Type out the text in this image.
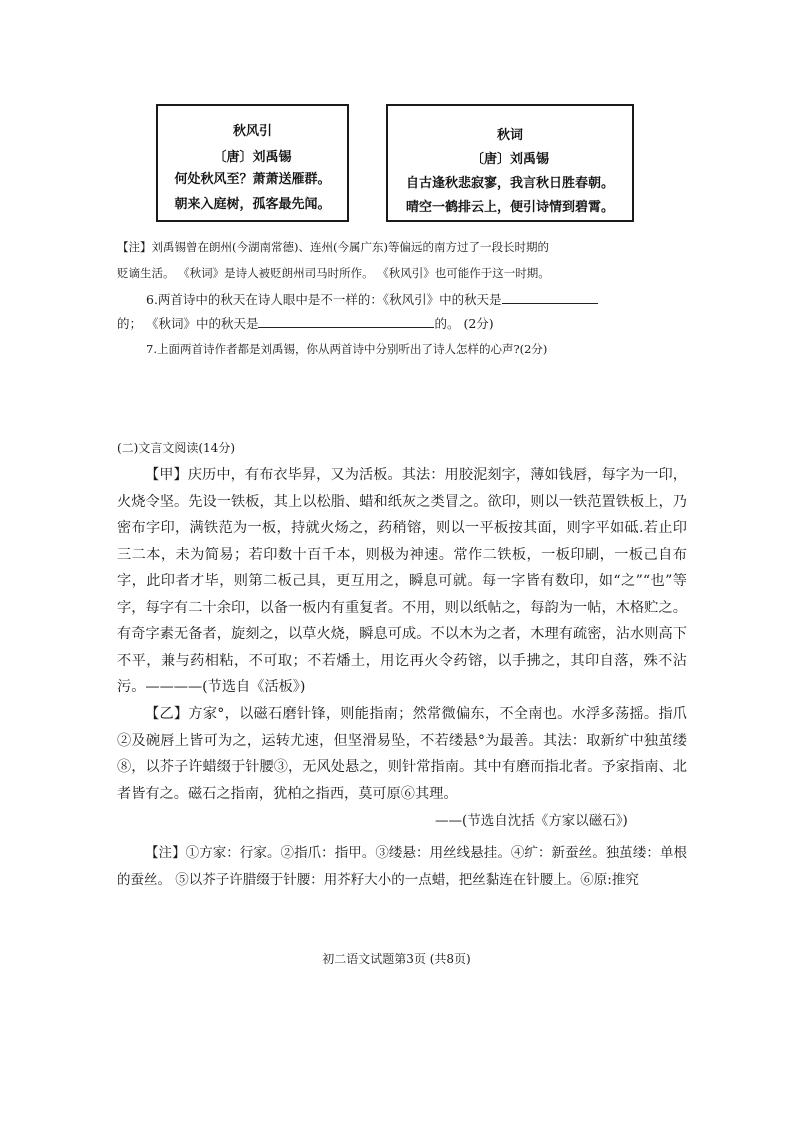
秋风引
〔唐〕刘禹锡
何处秋风至？萧萧送雁群。
朝来入庭树，孤客最先闻。
秋词
〔唐〕刘禹锡
自古逢秋悲寂寥，我言秋日胜春朝。
晴空一鹤排云上，便引诗情到碧霄。
【注】刘禹锡曾在朗州(今湖南常德)、连州(今属广东)等偏远的南方过了一段长时期的
贬谪生活。 《秋词》是诗人被贬朗州司马时所作。 《秋风引》也可能作于这一时期。
6.两首诗中的秋天在诗人眼中是不一样的：《秋风引》中的秋天是
的； 《秋词》中的秋天是	的。 (2分)
7.上面两首诗作者都是刘禹锡，你从两首诗中分别听出了诗人怎样的心声?(2分)
(二)文言文阅读(14分)

【甲】庆历中，有布衣毕昇，又为活板。其法：用胶泥刻字，薄如钱唇，每字为一印，火烧令坚。先设一铁板，其上以松脂、蜡和纸灰之类冒之。欲印，则以一铁范置铁板上，乃密布字印，满铁范为一板，持就火炀之，药稍镕，则以一平板按其面，则字平如砥.若止印三二本，未为简易；若印数十百千本，则极为神速。常作二铁板，一板印刷，一板己自布字，此印者才毕，则第二板己具，更互用之，瞬息可就。每一字皆有数印，如“之”“也”等字，每字有二十余印，以备一板内有重复者。不用，则以纸帖之，每韵为一帖，木格贮之。有奇字素无备者，旋刻之，以草火烧，瞬息可成。不以木为之者，木理有疏密，沾水则高下不平，兼与药相粘，不可取；不若燔土，用讫再火令药镕，以手拂之，其印自落，殊不沾污。————(节选自《活板》)

【乙】方家°，以磁石磨针锋，则能指南；然常微偏东，不全南也。水浮多荡摇。指爪②及碗唇上皆可为之，运转尤速，但坚滑易坠，不若缕悬°为最善。其法：取新纩中独茧缕⑧，以芥子许蜡缀于针腰③，无风处悬之，则针常指南。其中有磨而指北者。予家指南、北者皆有之。磁石之指南，犹柏之指西，莫可原⑥其理。

——(节选自沈括《方家以磁石》)

【注】①方家：行家。②指爪：指甲。③缕悬：用丝线悬挂。④纩：新蚕丝。独茧缕：单根的蚕丝。 ⑤以芥子许腊缀于针腰：用芥籽大小的一点蜡，把丝黏连在针腰上。⑥原:推究

初二语文试题第3页 (共8页)
